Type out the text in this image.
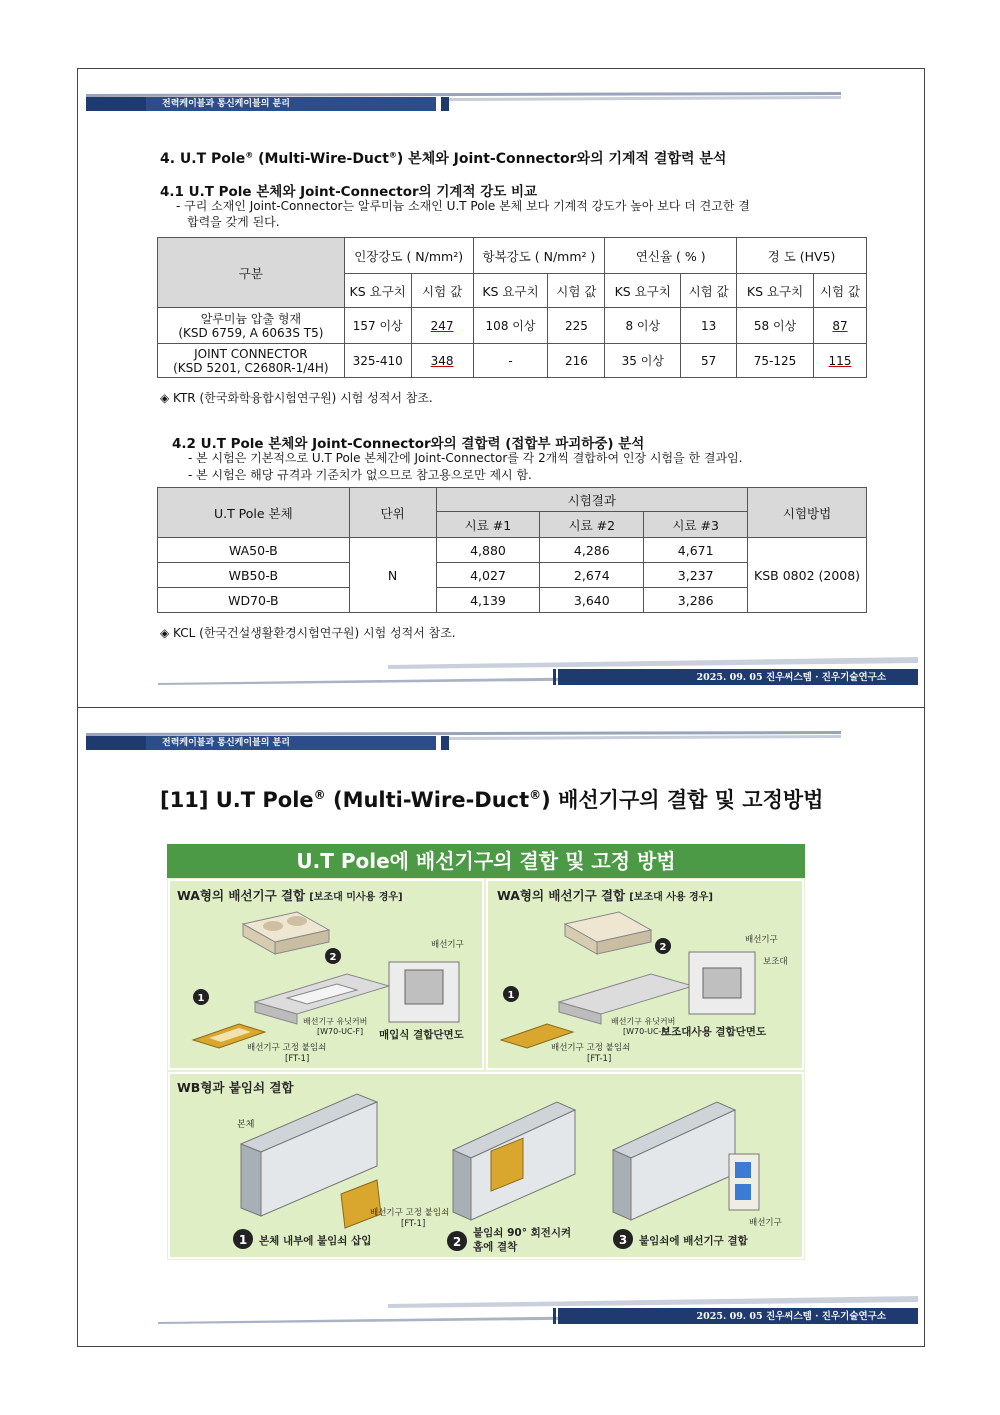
전력케이블과 통신케이블의 분리
4. U.T Pole® (Multi-Wire-Duct®) 본체와 Joint-Connector와의 기계적 결합력 분석
4.1 U.T Pole 본체와 Joint-Connector의 기계적 강도 비교
- 구리 소재인 Joint-Connector는 알루미늄 소재인 U.T Pole 본체 보다 기계적 강도가 높아 보다 더 견고한 결
합력을 갖게 된다.
구분	인장강도 ( N/mm²)		항복강도 ( N/mm² )		연신율 ( % )		경 도 (HV5)	
	KS 요구치	시험 값	KS 요구치	시험 값	KS 요구치	시험 값	KS 요구치	시험 값

알루미늄 압출 형재
(KSD 6759, A 6063S T5)	157 이상	247	108 이상	225	8 이상	13	58 이상	87

JOINT CONNECTOR
(KSD 5201, C2680R-1/4H)	325-410	348	-	216	35 이상	57	75-125	115
◈ KTR (한국화학융합시험연구원) 시험 성적서 참조.
4.2 U.T Pole 본체와 Joint-Connector와의 결합력 (접합부 파괴하중) 분석
- 본 시험은 기본적으로 U.T Pole 본체간에 Joint-Connector를 각 2개씩 결합하여 인장 시험을 한 결과임.
- 본 시험은 해당 규격과 기준치가 없으므로 참고용으로만 제시 함.
U.T Pole 본체	단위	시험결과			시험방법
		시료 #1	시료 #2	시료 #3	
WA50-B	N	4,880	4,286	4,671	KSB 0802 (2008)
WB50-B		4,027	2,674	3,237	
WD70-B		4,139	3,640	3,286	
◈ KCL (한국건설생활환경시험연구원) 시험 성적서 참조.
2025. 09. 05 진우씨스템 · 진우기술연구소
전력케이블과 통신케이블의 분리
[11] U.T Pole® (Multi-Wire-Duct®) 배선기구의 결합 및 고정방법
U.T Pole에 배선기구의 결합 및 고정 방법
WA형의 배선기구 결합 [보조대 미사용 경우]	WA형의 배선기구 결합 [보조대 사용 경우]
2
1
배선기구 유닛커버
[W70-UC-F]
배선기구 고정 붙임쇠
[FT-1]
배선기구
매입식 결합단면도
2
1
배선기구 유닛커버
[W70-UC-F]
배선기구 고정 붙임쇠
[FT-1]
배선기구
보조대
보조대사용 결합단면도
WB형과 붙임쇠 결합
본체
배선기구 고정 붙임쇠
[FT-1]	배선기구
1 본체 내부에 붙임쇠 삽입	2
붙임쇠 90° 회전시켜
홈에 결착	3 붙임쇠에 배선기구 결합
2025. 09. 05 진우씨스템 · 진우기술연구소
